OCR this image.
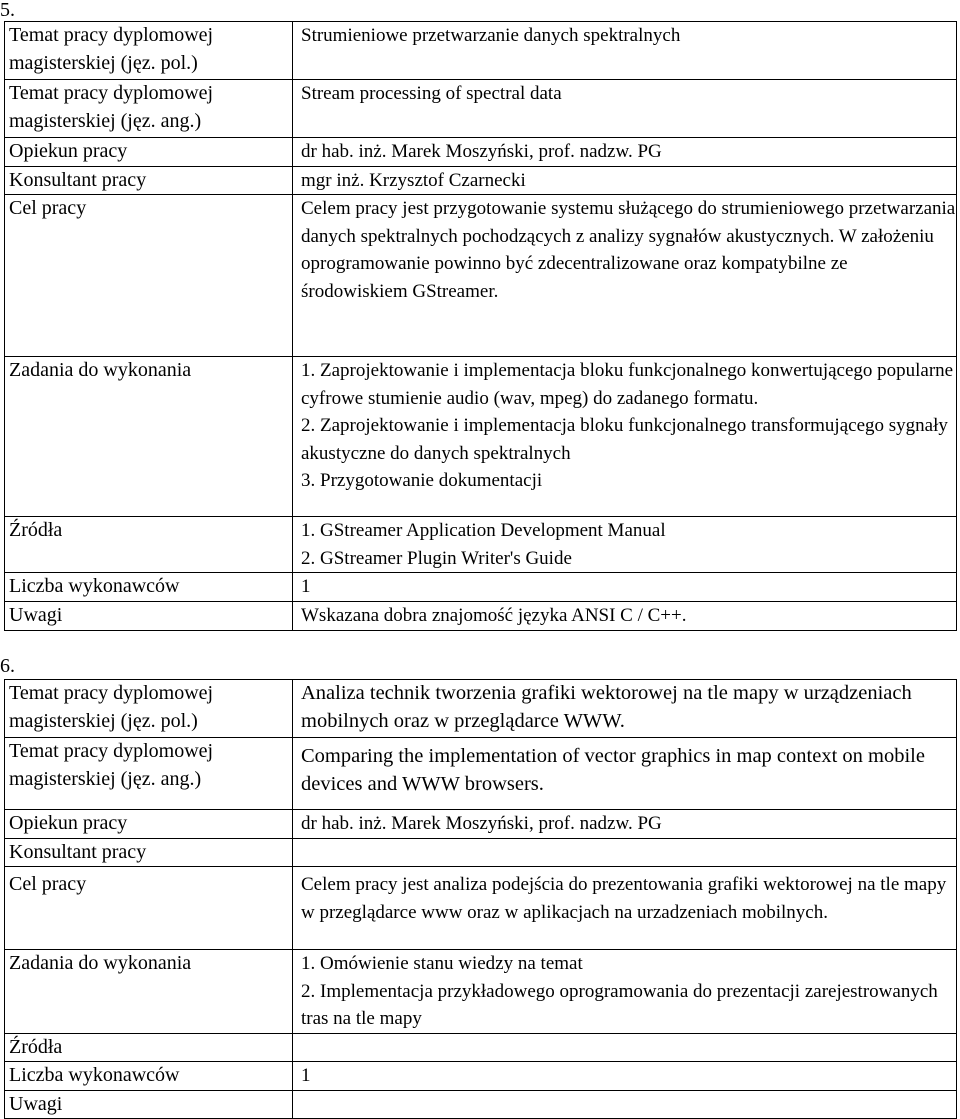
5.
Temat pracy dyplomowej magisterskiej (jęz. pol.)	Strumieniowe przetwarzanie danych spektralnych
Temat pracy dyplomowej magisterskiej (jęz. ang.)	Stream processing of spectral data
Opiekun pracy	dr hab. inż. Marek Moszyński, prof. nadzw. PG
Konsultant pracy	mgr inż. Krzysztof Czarnecki
Cel pracy	Celem pracy jest przygotowanie systemu służącego do strumieniowego przetwarzania danych spektralnych pochodzących z analizy sygnałów akustycznych. W założeniu oprogramowanie powinno być zdecentralizowane oraz kompatybilne ze środowiskiem GStreamer.
Zadania do wykonania	1. Zaprojektowanie i implementacja bloku funkcjonalnego konwertującego popularne cyfrowe stumienie audio (wav, mpeg) do zadanego formatu.
2. Zaprojektowanie i implementacja bloku funkcjonalnego transformującego sygnały akustyczne do danych spektralnych
3. Przygotowanie dokumentacji

Źródła	1. GStreamer Application Development Manual
2. GStreamer Plugin Writer's Guide

Liczba wykonawców	1
Uwagi	Wskazana dobra znajomość języka ANSI C / C++.
6.
Temat pracy dyplomowej magisterskiej (jęz. pol.)	Analiza technik tworzenia grafiki wektorowej na tle mapy w urządzeniach mobilnych oraz w przeglądarce WWW.
Temat pracy dyplomowej magisterskiej (jęz. ang.)	Comparing the implementation of vector graphics in map context on mobile devices and WWW browsers.
Opiekun pracy	dr hab. inż. Marek Moszyński, prof. nadzw. PG
Konsultant pracy	
Cel pracy	Celem pracy jest analiza podejścia do prezentowania grafiki wektorowej na tle mapy w przeglądarce www oraz w aplikacjach na urzadzeniach mobilnych.
Zadania do wykonania	1. Omówienie stanu wiedzy na temat
2. Implementacja przykładowego oprogramowania do prezentacji zarejestrowanych tras na tle mapy

Źródła	
Liczba wykonawców	1
Uwagi	
